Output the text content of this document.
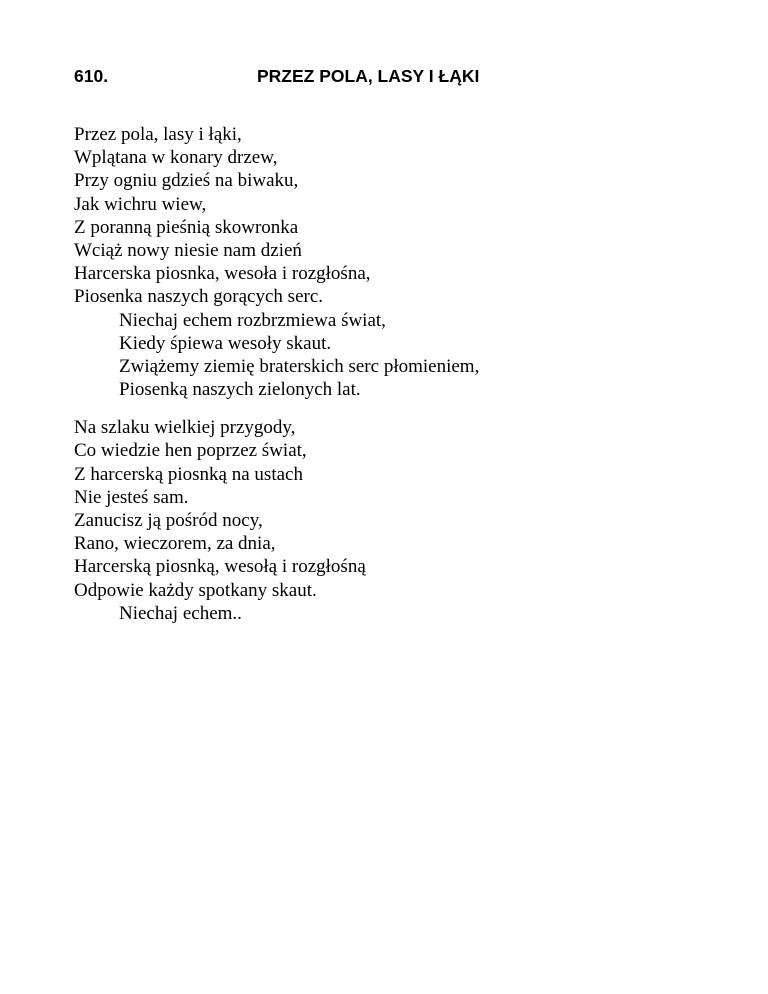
610.	PRZEZ POLA, LASY I ŁĄKI
Przez pola, lasy i łąki,
Wplątana w konary drzew,
Przy ogniu gdzieś na biwaku,
Jak wichru wiew,
Z poranną pieśnią skowronka
Wciąż nowy niesie nam dzień
Harcerska piosnka, wesoła i rozgłośna,
Piosenka naszych gorących serc.
Niechaj echem rozbrzmiewa świat,
Kiedy śpiewa wesoły skaut.
Zwiążemy ziemię braterskich serc płomieniem,
Piosenką naszych zielonych lat.
Na szlaku wielkiej przygody,
Co wiedzie hen poprzez świat,
Z harcerską piosnką na ustach
Nie jesteś sam.
Zanucisz ją pośród nocy,
Rano, wieczorem, za dnia,
Harcerską piosnką, wesołą i rozgłośną
Odpowie każdy spotkany skaut.
Niechaj echem..
